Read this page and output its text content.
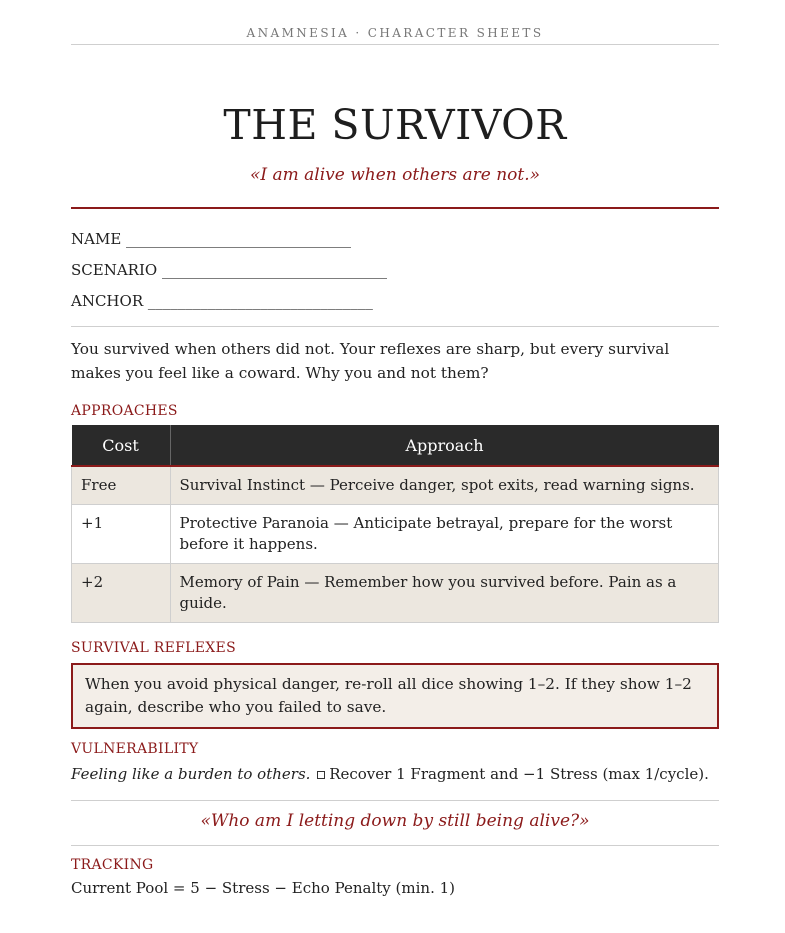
ANAMNESIA · CHARACTER SHEETS
THE SURVIVOR
«I am alive when others are not.»
NAME ______________________________
SCENARIO ______________________________
ANCHOR ______________________________
You survived when others did not. Your reflexes are sharp, but every survival makes you feel like a coward. Why you and not them?
APPROACHES
Cost	Approach
Free	Survival Instinct — Perceive danger, spot exits, read warning signs.
+1	Protective Paranoia — Anticipate betrayal, prepare for the worst before it happens.
+2	Memory of Pain — Remember how you survived before. Pain as a guide.
SURVIVAL REFLEXES
When you avoid physical danger, re-roll all dice showing 1–2. If they show 1–2 again, describe who you failed to save.
VULNERABILITY
Feeling like a burden to others. Recover 1 Fragment and −1 Stress (max 1/cycle).
«Who am I letting down by still being alive?»
TRACKING
Current Pool = 5 − Stress − Echo Penalty (min. 1)
